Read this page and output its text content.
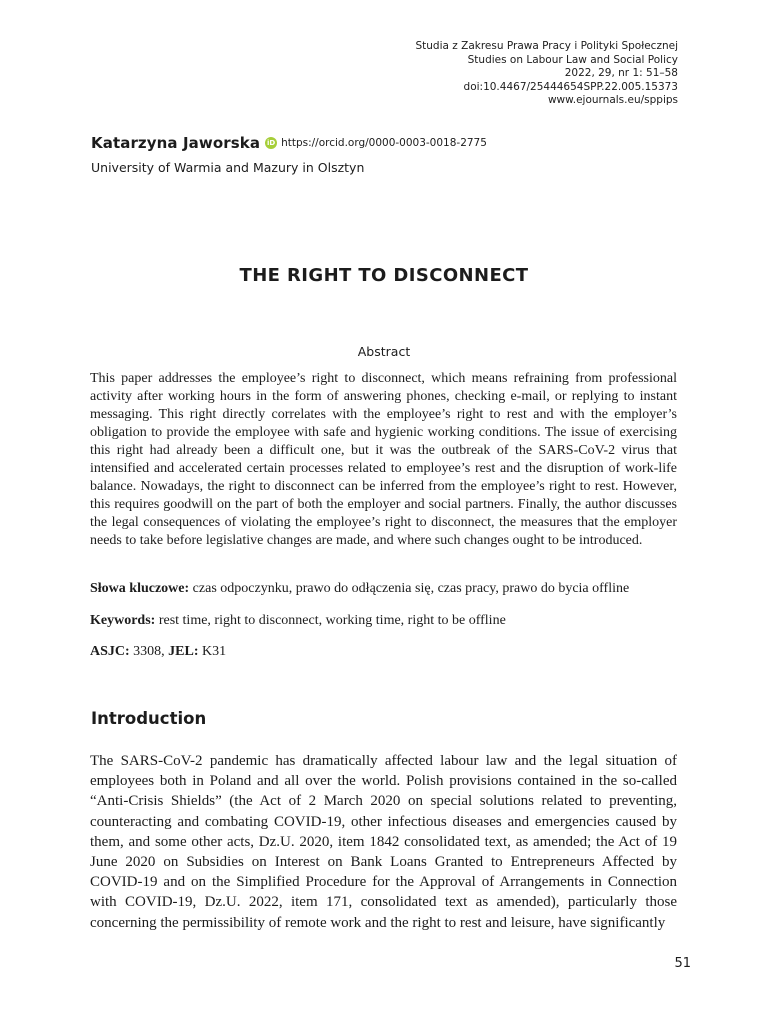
Studia z Zakresu Prawa Pracy i Polityki Społecznej
Studies on Labour Law and Social Policy
2022, 29, nr 1: 51–58
doi:10.4467/25444654SPP.22.005.15373
www.ejournals.eu/sppips
Katarzyna Jaworska iD https://orcid.org/0000-0003-0018-2775
University of Warmia and Mazury in Olsztyn
THE RIGHT TO DISCONNECT
Abstract
This paper addresses the employee’s right to disconnect, which means refraining from professional activity after working hours in the form of answering phones, checking e-mail, or replying to instant messaging. This right directly correlates with the employee’s right to rest and with the employer’s obligation to provide the employee with safe and hygienic working conditions. The issue of exercising this right had already been a difficult one, but it was the outbreak of the SARS-CoV-2 virus that intensified and accelerated certain processes related to employee’s rest and the disruption of work-life balance. Nowadays, the right to disconnect can be inferred from the employee’s right to rest. However, this requires goodwill on the part of both the employer and social partners. Finally, the author discusses the legal consequences of violating the employee’s right to disconnect, the measures that the employer needs to take before legislative changes are made, and where such changes ought to be introduced.
Słowa kluczowe: czas odpoczynku, prawo do odłączenia się, czas pracy, prawo do bycia offline
Keywords: rest time, right to disconnect, working time, right to be offline
ASJC: 3308, JEL: K31
Introduction
The SARS-CoV-2 pandemic has dramatically affected labour law and the legal situation of employees both in Poland and all over the world. Polish provisions contained in the so-called “Anti-Crisis Shields” (the Act of 2 March 2020 on special solutions related to preventing, counteracting and combating COVID-19, other infectious diseases and emergencies caused by them, and some other acts, Dz.U. 2020, item 1842 consolidated text, as amended; the Act of 19 June 2020 on Subsidies on Interest on Bank Loans Granted to Entrepreneurs Affected by COVID-19 and on the Simplified Procedure for the Approval of Arrangements in Connection with COVID-19, Dz.U. 2022, item 171, consolidated text as amended), particularly those concerning the permissibility of remote work and the right to rest and leisure, have significantly
51
